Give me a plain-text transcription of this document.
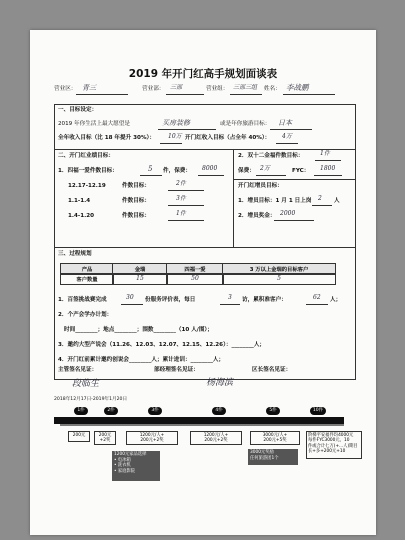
2019 年开门红高手规划面谈表
营业区： 青三	营业部： 三部	营业组： 三部三组 姓名： 李战鹏
一、目标设定：
2019 年你生活上最大愿望是	买房装修	或是年你旅游目标： 日本
全年收入目标（比 18 年提升 30%）： 10万 开门红收入目标（占全年 40%）： 4万
二、开门红业绩目标：
1．四福一爱件数目标：	5 件，保费： 8000
12.17-12.19	件数目标：	2件
1.1-1.4	件数目标：	3件
1.4-1.20	件数目标：	1件
2．双十二金福件数目标：	1件
保费： 2万	FYC： 1800
开门红增员目标：
1．增员目标：1 月 1 日上岗 2 人
2．增员奖金： 2000
三、过程规划
产品	金瑞	四福一爱	3 万以上金瑞的目标客户
客户数量	15	50	5
1．百签挑战赛完成	30 份服务评价表，每日	3 访，累积准客户：	62 人；
2．个产会学办计划：
时间________；地点________；围数________（10 人/围）；
3．邀约大型产说会（11.26、12.03、12.07、12.15、12.26）：________人；
4．开门红前累计邀约创说会________人；累计进训：________人；
主管签名见证：
段临生
部经理签名见证：
杨海滨
区长签名见证：
2018年12月17日-2019年1月20日
1件	2件	3件	4件	5件	10件
200元	200元
+2奖
1200元/人+
200元+2奖
1200元/人+
200元+2奖
3000元/人+
200元+5奖
阶梯平安福件均4000元
每件FYC3000元，10
件或合计七万(+...人)期目
长+多+200元+10
1200元家品选择
• 电冰箱
• 洗衣机
• 家庭影院
3000元奖励
任何旅游团1个
